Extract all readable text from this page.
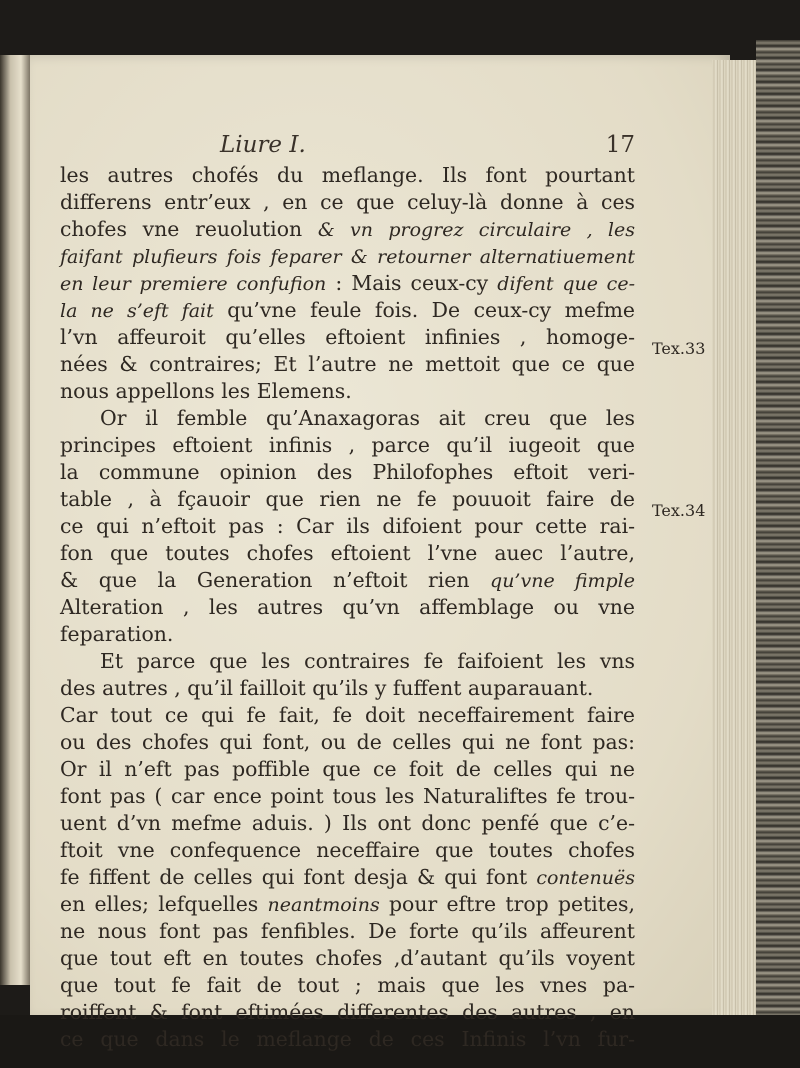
Liure I.	17
les autres chofés du meflange. Ils font pourtant
differens entr’eux , en ce que celuy-là donne à ces
chofes vne reuolution & vn progrez circulaire , les
faifant plufieurs fois feparer & retourner alternatiuement
en leur premiere confufion : Mais ceux-cy difent que ce-
la ne s’eft fait qu’vne feule fois. De ceux-cy mefme
l’vn affeuroit qu’elles eftoient infinies , homoge-
nées & contraires; Et l’autre ne mettoit que ce que
nous appellons les Elemens.
Or il femble qu’Anaxagoras ait creu que les
principes eftoient infinis , parce qu’il iugeoit que
la commune opinion des Philofophes eftoit veri-
table , à fçauoir que rien ne fe pouuoit faire de
ce qui n’eftoit pas : Car ils difoient pour cette rai-
fon que toutes chofes eftoient l’vne auec l’autre,
& que la Generation n’eftoit rien qu’vne fimple
Alteration , les autres qu’vn affemblage ou vne
feparation.
Et parce que les contraires fe faifoient les vns
des autres , qu’il failloit qu’ils y fuffent auparauant.
Car tout ce qui fe fait, fe doit neceffairement faire
ou des chofes qui font, ou de celles qui ne font pas:
Or il n’eft pas poffible que ce foit de celles qui ne
font pas ( car ence point tous les Naturaliftes fe trou-
uent d’vn mefme aduis. ) Ils ont donc penfé que c’e-
ftoit vne confequence neceffaire que toutes chofes
fe fiffent de celles qui font desja & qui font contenuës
en elles; lefquelles neantmoins pour eftre trop petites,
ne nous font pas fenfibles. De forte qu’ils affeurent
que tout eft en toutes chofes ,d’autant qu’ils voyent
que tout fe fait de tout ; mais que les vnes pa-
roiffent & font eftimées differentes des autres , en
ce que dans le meflange de ces Infinis l’vn fur-
Tex.33
Tex.34
